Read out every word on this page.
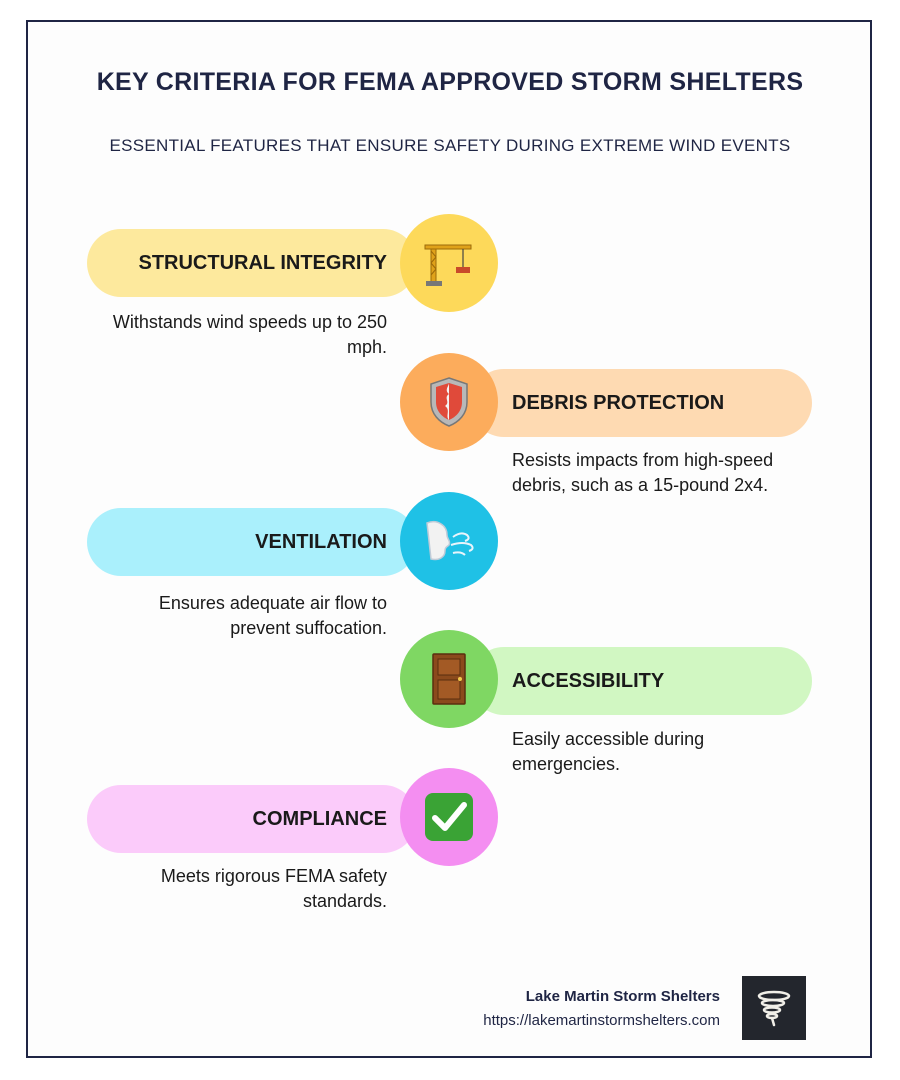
KEY CRITERIA FOR FEMA APPROVED STORM SHELTERS
ESSENTIAL FEATURES THAT ENSURE SAFETY DURING EXTREME WIND EVENTS
STRUCTURAL INTEGRITY
Withstands wind speeds up to 250 mph.
DEBRIS PROTECTION
Resists impacts from high-speed debris, such as a 15-pound 2x4.
VENTILATION
Ensures adequate air flow to prevent suffocation.
ACCESSIBILITY
Easily accessible during emergencies.
COMPLIANCE
Meets rigorous FEMA safety standards.
Lake Martin Storm Shelters
https://lakemartinstormshelters.com
